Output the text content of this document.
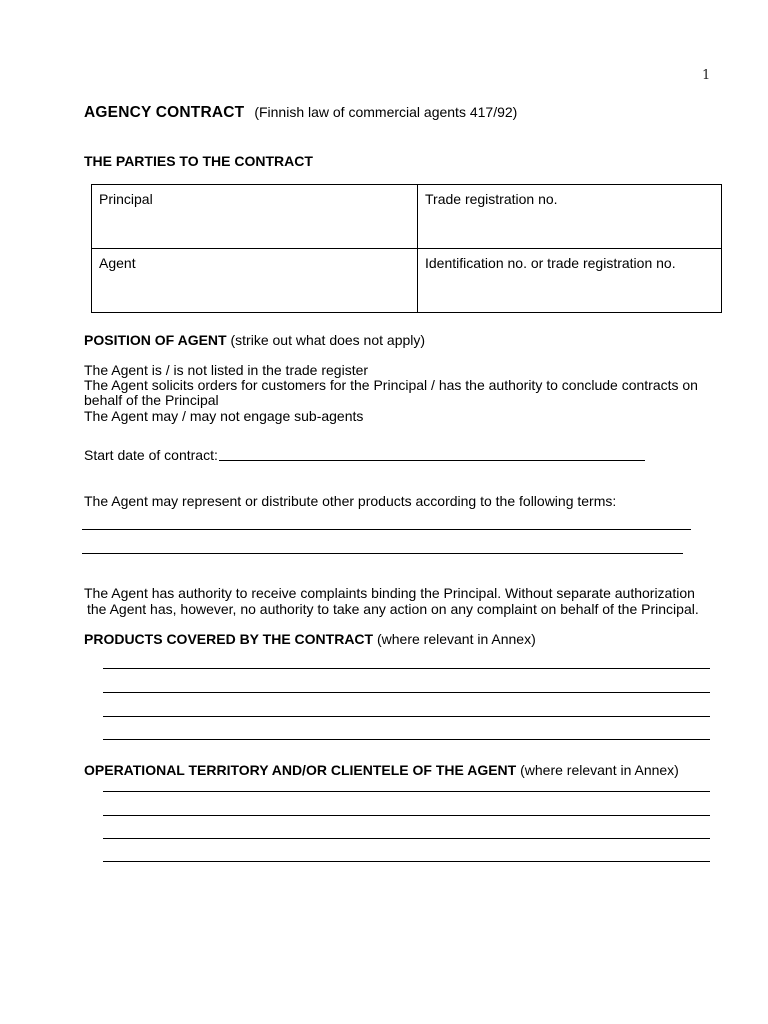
1
AGENCY CONTRACT (Finnish law of commercial agents 417/92)
THE PARTIES TO THE CONTRACT
Principal	Trade registration no.
Agent	Identification no. or trade registration no.
POSITION OF AGENT (strike out what does not apply)
The Agent is / is not listed in the trade register
The Agent solicits orders for customers for the Principal / has the authority to conclude contracts on
behalf of the Principal
The Agent may / may not engage sub-agents
Start date of contract:
The Agent may represent or distribute other products according to the following terms:
The Agent has authority to receive complaints binding the Principal. Without separate authorization
the Agent has, however, no authority to take any action on any complaint on behalf of the Principal.
PRODUCTS COVERED BY THE CONTRACT (where relevant in Annex)
OPERATIONAL TERRITORY AND/OR CLIENTELE OF THE AGENT (where relevant in Annex)
